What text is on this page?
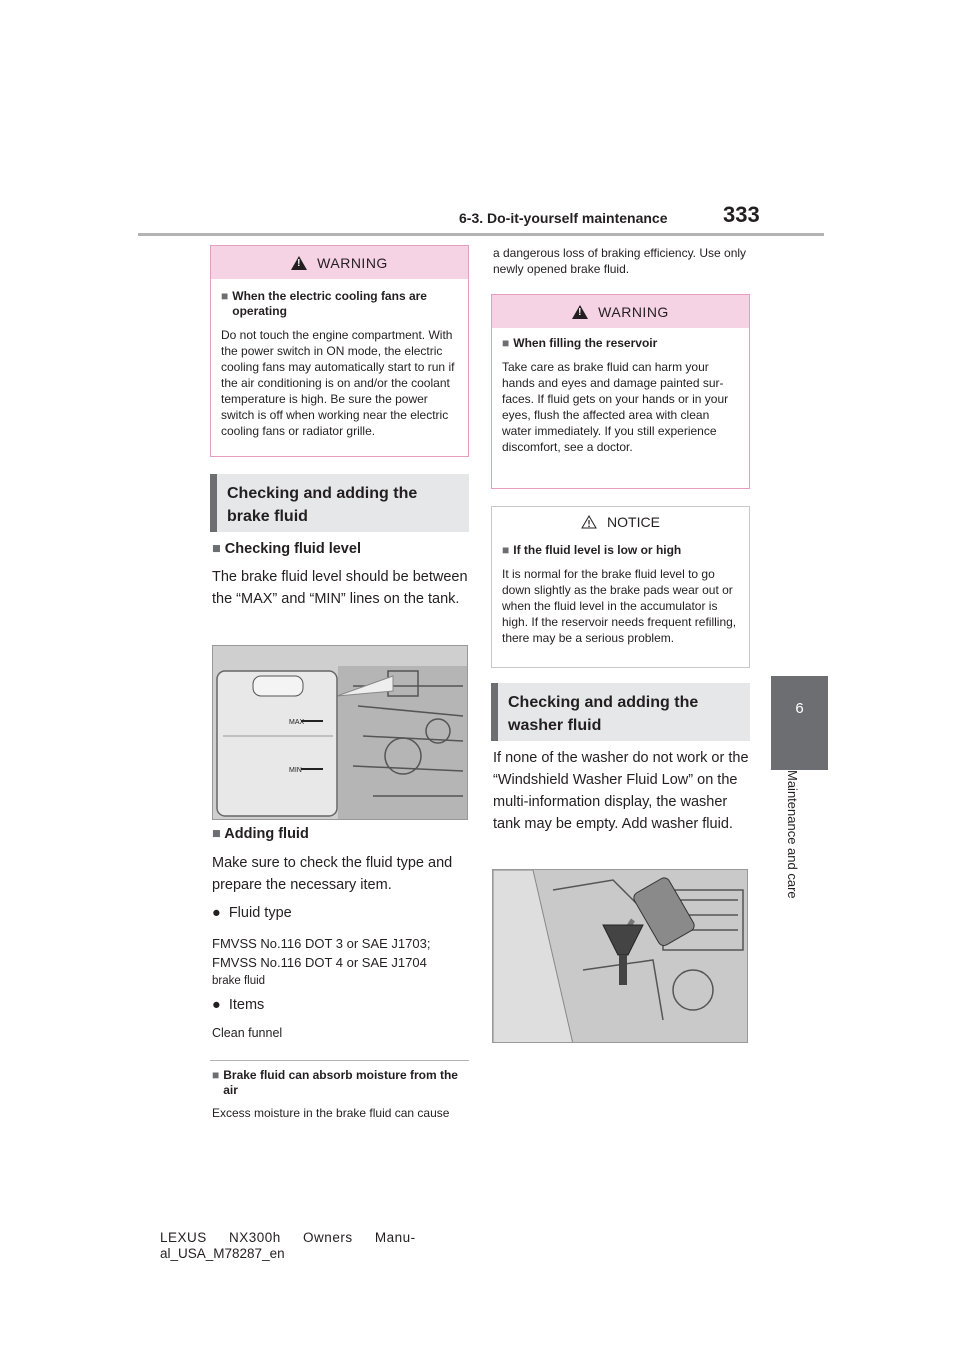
6-3. Do-it-yourself maintenance	333
6
Maintenance and care
!
WARNING
■ When the electric cooling fans are operating
Do not touch the engine compartment. With the power switch in ON mode, the electric cooling fans may automatically start to run if the air conditioning is on and/or the coolant temperature is high. Be sure the power switch is off when working near the electric cooling fans or radiator grille.
Checking and adding the brake fluid
■ Checking fluid level
The brake fluid level should be between the “MAX” and “MIN” lines on the tank.
MAX
MIN
■ Adding fluid
Make sure to check the fluid type and prepare the necessary item.
● Fluid type
FMVSS No.116 DOT 3 or SAE J1703;
FMVSS No.116 DOT 4 or SAE J1704
brake fluid
● Items
Clean funnel
■ Brake fluid can absorb moisture from the air
Excess moisture in the brake fluid can cause
a dangerous loss of braking efficiency. Use only newly opened brake fluid.
!
WARNING
■ When filling the reservoir
Take care as brake fluid can harm your hands and eyes and damage painted sur-faces. If fluid gets on your hands or in your eyes, flush the affected area with clean water immediately. If you still experience discomfort, see a doctor.
NOTICE
■ If the fluid level is low or high
It is normal for the brake fluid level to go down slightly as the brake pads wear out or when the fluid level in the accumulator is high. If the reservoir needs frequent refilling, there may be a serious problem.
Checking and adding the washer fluid
If none of the washer do not work or the “Windshield Washer Fluid Low” on the multi-information display, the washer tank may be empty. Add washer fluid.
LEXUS NX300h Owners Manu-
al_USA_M78287_en
